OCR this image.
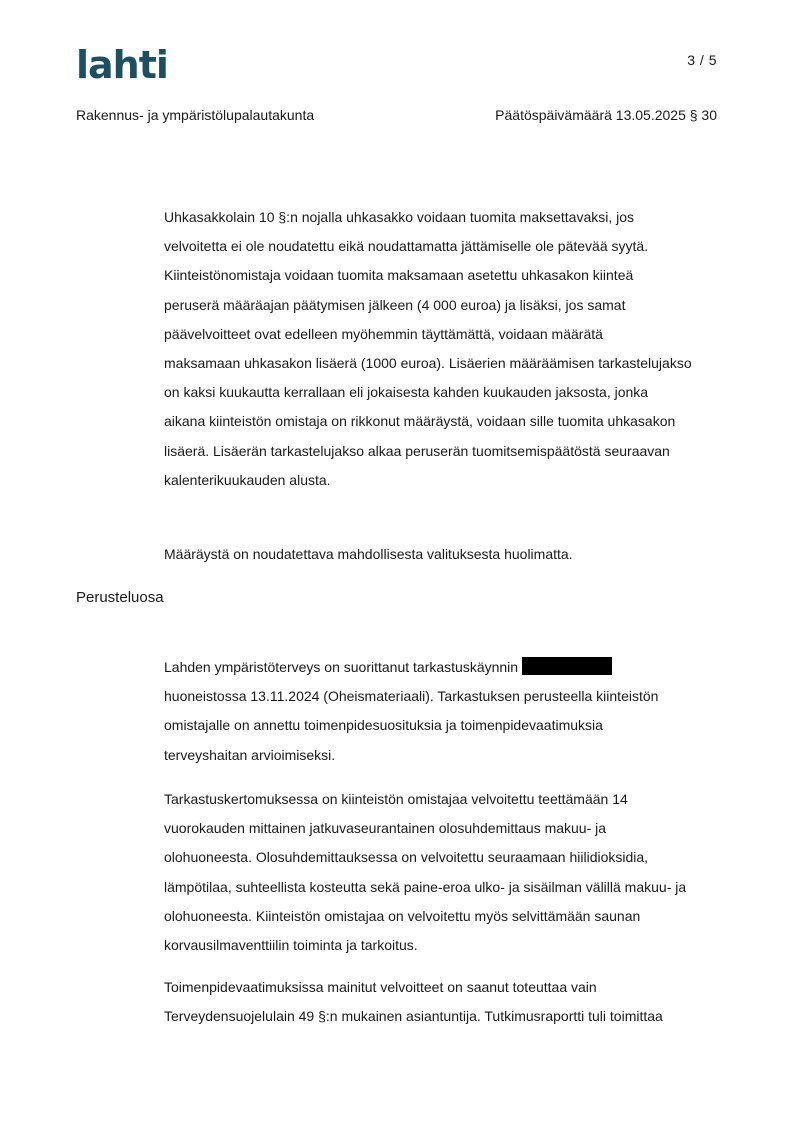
lahti	3 / 5
Rakennus- ja ympäristölupalautakunta	Päätöspäivämäärä 13.05.2025 § 30

Uhkasakkolain 10 §:n nojalla uhkasakko voidaan tuomita maksettavaksi, jos
velvoitetta ei ole noudatettu eikä noudattamatta jättämiselle ole pätevää syytä.
Kiinteistönomistaja voidaan tuomita maksamaan asetettu uhkasakon kiinteä
peruserä määräajan päätymisen jälkeen (4 000 euroa) ja lisäksi, jos samat
päävelvoitteet ovat edelleen myöhemmin täyttämättä, voidaan määrätä
maksamaan uhkasakon lisäerä (1000 euroa). Lisäerien määräämisen tarkastelujakso
on kaksi kuukautta kerrallaan eli jokaisesta kahden kuukauden jaksosta, jonka
aikana kiinteistön omistaja on rikkonut määräystä, voidaan sille tuomita uhkasakon
lisäerä. Lisäerän tarkastelujakso alkaa peruserän tuomitsemispäätöstä seuraavan
kalenterikuukauden alusta.

Määräystä on noudatettava mahdollisesta valituksesta huolimatta.

Perusteluosa

Lahden ympäristöterveys on suorittanut tarkastuskäynnin
huoneistossa 13.11.2024 (Oheismateriaali). Tarkastuksen perusteella kiinteistön
omistajalle on annettu toimenpidesuosituksia ja toimenpidevaatimuksia
terveyshaitan arvioimiseksi.

Tarkastuskertomuksessa on kiinteistön omistajaa velvoitettu teettämään 14
vuorokauden mittainen jatkuvaseurantainen olosuhdemittaus makuu- ja
olohuoneesta. Olosuhdemittauksessa on velvoitettu seuraamaan hiilidioksidia,
lämpötilaa, suhteellista kosteutta sekä paine-eroa ulko- ja sisäilman välillä makuu- ja
olohuoneesta. Kiinteistön omistajaa on velvoitettu myös selvittämään saunan
korvausilmaventtiilin toiminta ja tarkoitus.

Toimenpidevaatimuksissa mainitut velvoitteet on saanut toteuttaa vain
Terveydensuojelulain 49 §:n mukainen asiantuntija. Tutkimusraportti tuli toimittaa
